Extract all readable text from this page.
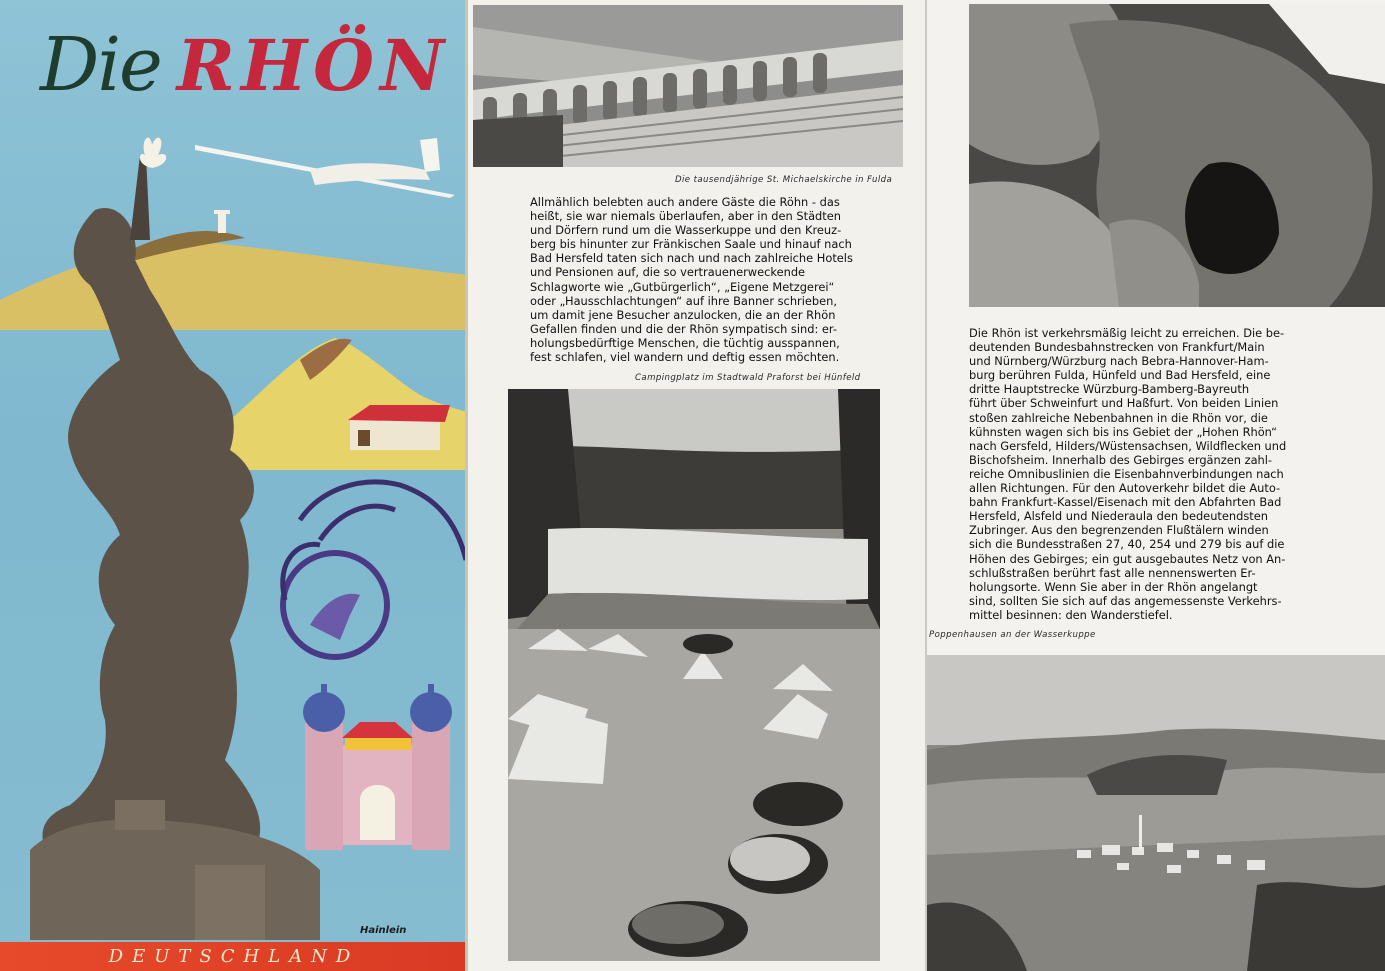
Die RHÖN
Hainlein
DEUTSCHLAND
Die tausendjährige St. Michaelskirche in Fulda
Allmählich belebten auch andere Gäste die Röhn - das
heißt, sie war niemals überlaufen, aber in den Städten
und Dörfern rund um die Wasserkuppe und den Kreuz-
berg bis hinunter zur Fränkischen Saale und hinauf nach
Bad Hersfeld taten sich nach und nach zahlreiche Hotels
und Pensionen auf, die so vertrauenerweckende
Schlagworte wie „Gutbürgerlich“, „Eigene Metzgerei“
oder „Hausschlachtungen“ auf ihre Banner schrieben,
um damit jene Besucher anzulocken, die an der Rhön
Gefallen finden und die der Rhön sympatisch sind: er-
holungsbedürftige Menschen, die tüchtig ausspannen,
fest schlafen, viel wandern und deftig essen möchten.
Campingplatz im Stadtwald Praforst bei Hünfeld
Die Rhön ist verkehrsmäßig leicht zu erreichen. Die be-
deutenden Bundesbahnstrecken von Frankfurt/Main
und Nürnberg/Würzburg nach Bebra-Hannover-Ham-
burg berühren Fulda, Hünfeld und Bad Hersfeld, eine
dritte Hauptstrecke Würzburg-Bamberg-Bayreuth
führt über Schweinfurt und Haßfurt. Von beiden Linien
stoßen zahlreiche Nebenbahnen in die Rhön vor, die
kühnsten wagen sich bis ins Gebiet der „Hohen Rhön“
nach Gersfeld, Hilders/Wüstensachsen, Wildflecken und
Bischofsheim. Innerhalb des Gebirges ergänzen zahl-
reiche Omnibuslinien die Eisenbahnverbindungen nach
allen Richtungen. Für den Autoverkehr bildet die Auto-
bahn Frankfurt-Kassel/Eisenach mit den Abfahrten Bad
Hersfeld, Alsfeld und Niederaula den bedeutendsten
Zubringer. Aus den begrenzenden Flußtälern winden
sich die Bundesstraßen 27, 40, 254 und 279 bis auf die
Höhen des Gebirges; ein gut ausgebautes Netz von An-
schlußstraßen berührt fast alle nennenswerten Er-
holungsorte. Wenn Sie aber in der Rhön angelangt
sind, sollten Sie sich auf das angemessenste Verkehrs-
mittel besinnen: den Wanderstiefel.
Poppenhausen an der Wasserkuppe
